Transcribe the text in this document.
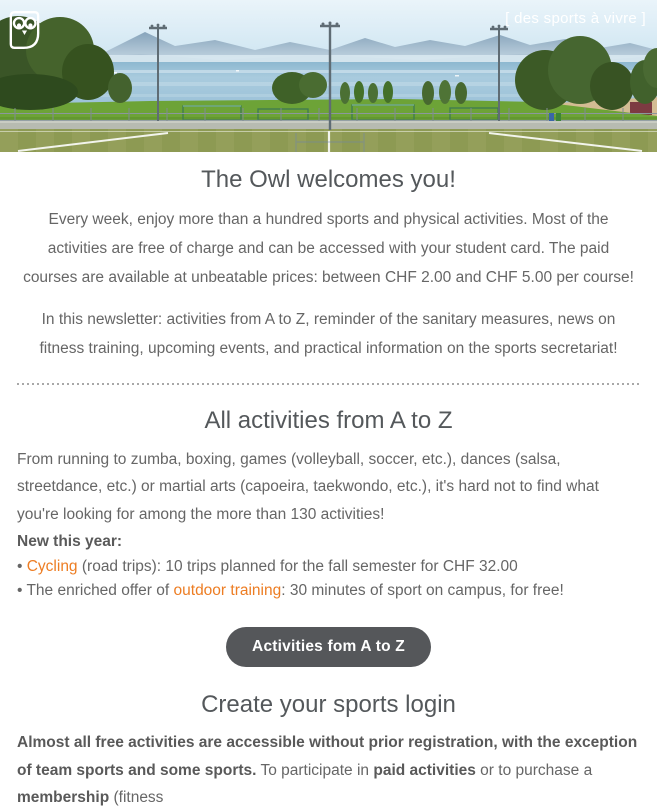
[ des sports à vivre ]
The Owl welcomes you!

Every week, enjoy more than a hundred sports and physical activities. Most of the activities are free of charge and can be accessed with your student card. The paid courses are available at unbeatable prices: between CHF 2.00 and CHF 5.00 per course!

In this newsletter: activities from A to Z, reminder of the sanitary measures, news on fitness training, upcoming events, and practical information on the sports secretariat!

All activities from A to Z

From running to zumba, boxing, games (volleyball, soccer, etc.), dances (salsa, streetdance, etc.) or martial arts (capoeira, taekwondo, etc.), it's hard not to find what you're looking for among the more than 130 activities!

New this year:

• Cycling (road trips): 10 trips planned for the fall semester for CHF 32.00

• The enriched offer of outdoor training: 30 minutes of sport on campus, for free!

Activities fom A to Z
Create your sports login

Almost all free activities are accessible without prior registration, with the exception of team sports and some sports. To participate in paid activities or to purchase a membership (fitness
